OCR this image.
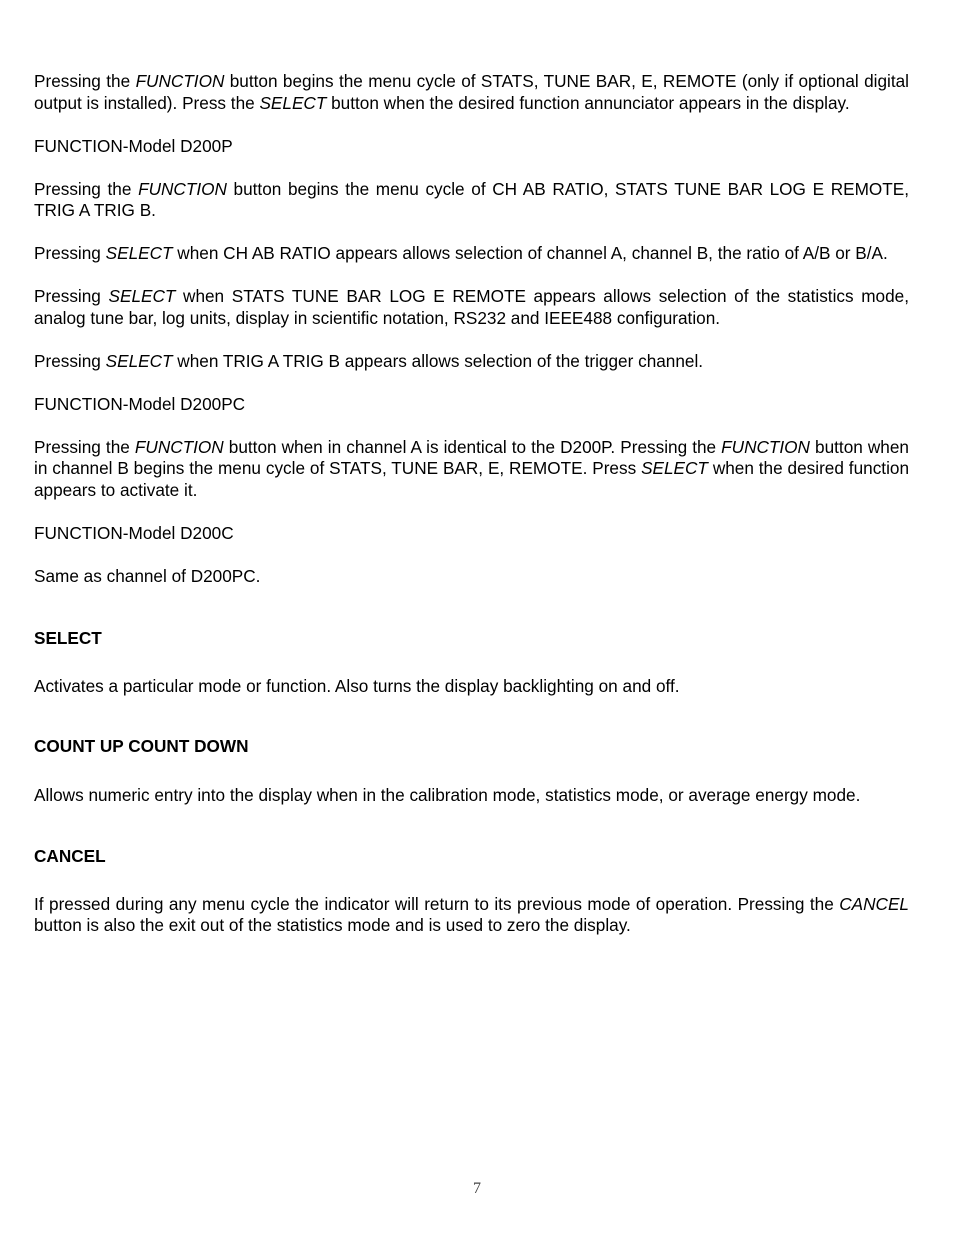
Pressing the FUNCTION button begins the menu cycle of STATS, TUNE BAR, E, REMOTE (only if optional digital output is installed). Press the SELECT button when the desired function annunciator appears in the display.

FUNCTION-Model D200P

Pressing the FUNCTION button begins the menu cycle of CH AB RATIO, STATS TUNE BAR LOG E REMOTE, TRIG A TRIG B.

Pressing SELECT when CH AB RATIO appears allows selection of channel A, channel B, the ratio of A/B or B/A.

Pressing SELECT when STATS TUNE BAR LOG E REMOTE appears allows selection of the statistics mode, analog tune bar, log units, display in scientific notation, RS232 and IEEE488 configuration.

Pressing SELECT when TRIG A TRIG B appears allows selection of the trigger channel.

FUNCTION-Model D200PC

Pressing the FUNCTION button when in channel A is identical to the D200P. Pressing the FUNCTION button when in channel B begins the menu cycle of STATS, TUNE BAR, E, REMOTE. Press SELECT when the desired function appears to activate it.

FUNCTION-Model D200C

Same as channel of D200PC.

SELECT

Activates a particular mode or function. Also turns the display backlighting on and off.

COUNT UP COUNT DOWN

Allows numeric entry into the display when in the calibration mode, statistics mode, or average energy mode.

CANCEL

If pressed during any menu cycle the indicator will return to its previous mode of operation. Pressing the CANCEL button is also the exit out of the statistics mode and is used to zero the display.

7
